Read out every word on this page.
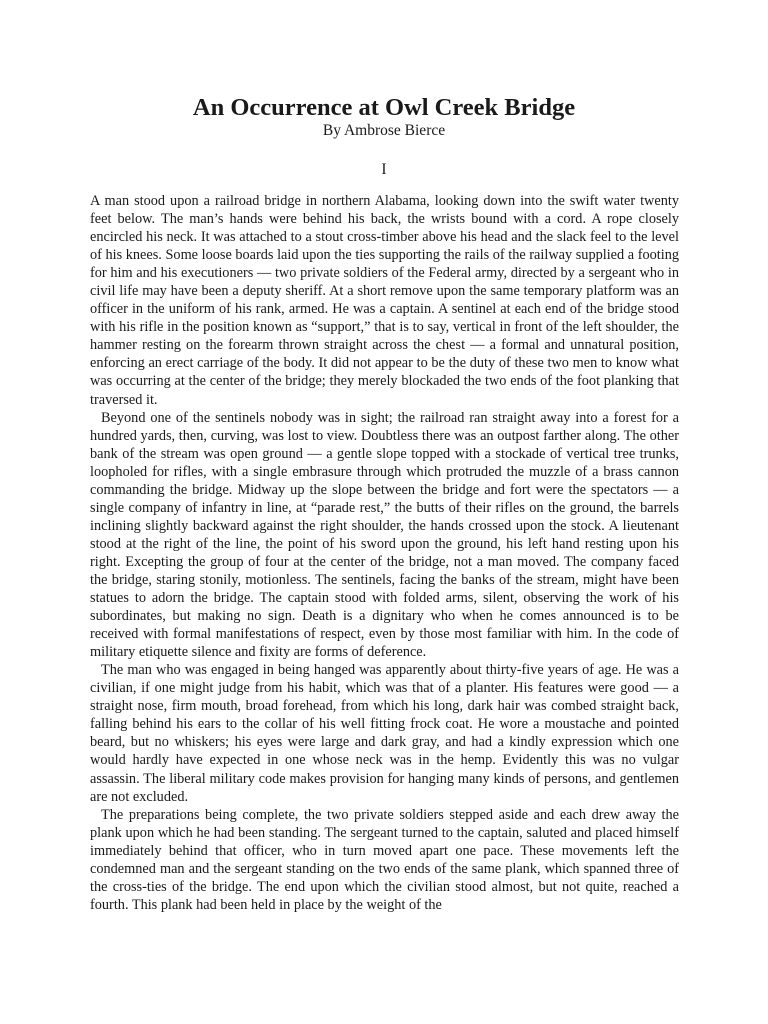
An Occurrence at Owl Creek Bridge
By Ambrose Bierce
I

A man stood upon a railroad bridge in northern Alabama, looking down into the swift water twenty feet below. The man’s hands were behind his back, the wrists bound with a cord. A rope closely encircled his neck. It was attached to a stout cross-timber above his head and the slack feel to the level of his knees. Some loose boards laid upon the ties supporting the rails of the railway supplied a footing for him and his executioners — two private soldiers of the Federal army, directed by a sergeant who in civil life may have been a deputy sheriff. At a short remove upon the same temporary platform was an officer in the uniform of his rank, armed. He was a captain. A sentinel at each end of the bridge stood with his rifle in the position known as “support,” that is to say, vertical in front of the left shoulder, the hammer resting on the forearm thrown straight across the chest — a formal and unnatural position, enforcing an erect carriage of the body. It did not appear to be the duty of these two men to know what was occurring at the center of the bridge; they merely blockaded the two ends of the foot planking that traversed it.

Beyond one of the sentinels nobody was in sight; the railroad ran straight away into a forest for a hundred yards, then, curving, was lost to view. Doubtless there was an outpost farther along. The other bank of the stream was open ground — a gentle slope topped with a stockade of vertical tree trunks, loopholed for rifles, with a single embrasure through which protruded the muzzle of a brass cannon commanding the bridge. Midway up the slope between the bridge and fort were the spectators — a single company of infantry in line, at “parade rest,” the butts of their rifles on the ground, the barrels inclining slightly backward against the right shoulder, the hands crossed upon the stock. A lieutenant stood at the right of the line, the point of his sword upon the ground, his left hand resting upon his right. Excepting the group of four at the center of the bridge, not a man moved. The company faced the bridge, staring stonily, motionless. The sentinels, facing the banks of the stream, might have been statues to adorn the bridge. The captain stood with folded arms, silent, observing the work of his subordinates, but making no sign. Death is a dignitary who when he comes announced is to be received with formal manifestations of respect, even by those most familiar with him. In the code of military etiquette silence and fixity are forms of deference.

The man who was engaged in being hanged was apparently about thirty-five years of age. He was a civilian, if one might judge from his habit, which was that of a planter. His features were good — a straight nose, firm mouth, broad forehead, from which his long, dark hair was combed straight back, falling behind his ears to the collar of his well fitting frock coat. He wore a moustache and pointed beard, but no whiskers; his eyes were large and dark gray, and had a kindly expression which one would hardly have expected in one whose neck was in the hemp. Evidently this was no vulgar assassin. The liberal military code makes provision for hanging many kinds of persons, and gentlemen are not excluded.

The preparations being complete, the two private soldiers stepped aside and each drew away the plank upon which he had been standing. The sergeant turned to the captain, saluted and placed himself immediately behind that officer, who in turn moved apart one pace. These movements left the condemned man and the sergeant standing on the two ends of the same plank, which spanned three of the cross-ties of the bridge. The end upon which the civilian stood almost, but not quite, reached a fourth. This plank had been held in place by the weight of the
